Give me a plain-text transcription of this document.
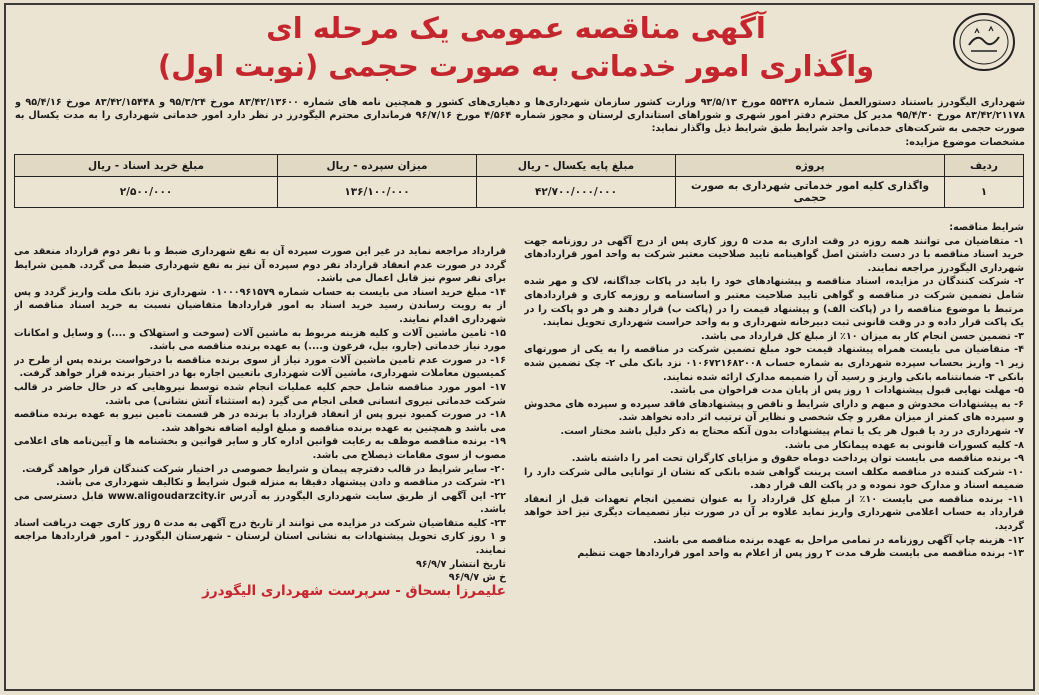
آگهی مناقصه عمومی یک مرحله ای
واگذاری امور خدماتی به صورت حجمی (نوبت اول)

شهرداری الیگودرز باستناد دستورالعمل شماره ۵۵۴۲۸ مورخ ۹۳/۵/۱۳ وزارت کشور سازمان شهرداری‌ها و دهیاری‌های کشور و همچنین نامه های شماره ۸۳/۴۲/۱۳۶۰۰ مورخ ۹۵/۳/۲۴ و ۸۳/۴۲/۱۵۴۴۸ مورخ ۹۵/۴/۱۶ و ۸۳/۴۲/۲۱۱۷۸ مورخ ۹۵/۴/۳۰ مدیر کل محترم دفتر امور شهری و شوراهای استانداری لرستان و مجوز شماره ۴/۵۶۴ مورخ ۹۶/۷/۱۶ فرمانداری محترم الیگودرز در نظر دارد امور خدماتی شهرداری را به مدت یکسال به صورت حجمی به شرکت‌های خدماتی واجد شرایط طبق شرایط ذیل واگذار نماید:

مشخصات موضوع مزایده:

ردیف	پروژه	مبلغ پایه یکسال - ریال	میزان سپرده - ریال	مبلغ خرید اسناد - ریال
۱	واگذاری کلیه امور خدماتی شهرداری به صورت حجمی	۴۲/۷۰۰/۰۰۰/۰۰۰	۱۳۶/۱۰۰/۰۰۰	۲/۵۰۰/۰۰۰

شرایط مناقصه:

۱- متقاضیان می توانند همه روزه در وقت اداری به مدت ۵ روز کاری پس از درج آگهی در روزنامه جهت خرید اسناد مناقصه با در دست داشتن اصل گواهینامه تایید صلاحیت معتبر شرکت به واحد امور قراردادهای شهرداری الیگودرز مراجعه نمایند.

۲- شرکت کنندگان در مزایده، اسناد مناقصه و پیشنهادهای خود را باید در پاکات جداگانه، لاک و مهر شده شامل تضمین شرکت در مناقصه و گواهی تایید صلاحیت معتبر و اساسنامه و روزمه کاری و قراردادهای مرتبط با موضوع مناقصه را در (پاکت الف) و پیشنهاد قیمت را در (پاکت ب) قرار دهند و هر دو پاکت را در یک پاکت قرار داده و در وقت قانونی ثبت دبیرخانه شهرداری و به واحد حراست شهرداری تحویل نمایند.

۳- تضمین حسن انجام کار به میزان ۱۰٪ از مبلغ کل قرارداد می باشد.

۴- متقاضیان می بایست همراه پیشنهاد قیمت خود مبلغ تضمین شرکت در مناقصه را به یکی از صورتهای زیر ۱- واریز بحساب سپرده شهرداری به شماره حساب ۰۱۰۶۷۲۱۶۸۲۰۰۸ نزد بانک ملی ۲- چک تضمین شده بانکی ۳- ضمانتنامه بانکی واریز و رسید آن را ضمیمه مدارک ارائه شده نمایند.

۵- مهلت نهایی قبول پیشنهادات ۱ روز پس از پایان مدت فراخوان می باشد.

۶- به پیشنهادات مخدوش و مبهم و دارای شرایط و ناقص و پیشنهادهای فاقد سپرده و سپرده های مخدوش و سپرده های کمتر از میزان مقرر و چک شخصی و نظایر آن ترتیب اثر داده نخواهد شد.

۷- شهرداری در رد یا قبول هر یک یا تمام پیشنهادات بدون آنکه محتاج به ذکر دلیل باشد مختار است.

۸- کلیه کسورات قانونی به عهده پیمانکار می باشد.

۹- برنده مناقصه می بایست توان پرداخت دوماه حقوق و مزایای کارگران تحت امر را داشته باشد.

۱۰- شرکت کننده در مناقصه مکلف است پرینت گواهی شده بانکی که نشان از توانایی مالی شرکت دارد را ضمیمه اسناد و مدارک خود نموده و در پاکت الف قرار دهد.

۱۱- برنده مناقصه می بایست ۱۰٪ از مبلغ کل قرارداد را به عنوان تضمین انجام تعهدات قبل از انعقاد قرارداد به حساب اعلامی شهرداری واریز نماید علاوه بر آن در صورت نیاز تصمیمات دیگری نیز اخذ خواهد گردید.

۱۲- هزینه چاپ آگهی روزنامه در تمامی مراحل به عهده برنده مناقصه می باشد.

۱۳- برنده مناقصه می بایست ظرف مدت ۲ روز پس از اعلام به واحد امور قراردادها جهت تنظیم

قرارداد مراجعه نماید در غیر این صورت سپرده آن به نفع شهرداری ضبط و با نفر دوم قرارداد منعقد می گردد در صورت عدم انعقاد قرارداد نفر دوم سپرده آن نیز به نفع شهرداری ضبط می گردد. همین شرایط برای نفر سوم نیز قابل اعمال می باشد.

۱۴- مبلغ خرید اسناد می بایست به حساب شماره ۰۱۰۰۰۹۶۱۵۷۹ شهرداری نزد بانک ملت واریز گردد و پس از به رویت رساندن رسید خرید اسناد به امور قراردادها متقاضیان نسبت به خرید اسناد مناقصه از شهرداری اقدام نمایند.

۱۵- تامین ماشین آلات و کلیه هزینه مربوط به ماشین آلات (سوخت و استهلاک و ....) و وسایل و امکانات مورد نیاز خدماتی (جارو، بیل، فرغون و....) به عهده برنده مناقصه می باشد.

۱۶- در صورت عدم تامین ماشین آلات مورد نیاز از سوی برنده مناقصه با درخواست برنده پس از طرح در کمیسیون معاملات شهرداری، ماشین آلات شهرداری باتعیین اجاره بها در اختیار برنده قرار خواهد گرفت.

۱۷- امور مورد مناقصه شامل حجم کلیه عملیات انجام شده توسط نیروهایی که در حال حاضر در قالب شرکت خدماتی نیروی انسانی فعلی انجام می گیرد (به استثناء آتش نشانی) می باشد.

۱۸- در صورت کمبود نیرو پس از انعقاد قرارداد با برنده در هر قسمت تامین نیرو به عهده برنده مناقصه می باشد و همچنین به عهده برنده مناقصه و مبلغ اولیه اضافه نخواهد شد.

۱۹- برنده مناقصه موظف به رعایت قوانین اداره کار و سایر قوانین و بخشنامه ها و آیین‌نامه های اعلامی مصوب از سوی مقامات ذیصلاح می باشد.

۲۰- سایر شرایط در قالب دفترچه پیمان و شرایط خصوصی در اختیار شرکت کنندگان قرار خواهد گرفت.

۲۱- شرکت در مناقصه و دادن پیشنهاد دقیقا به منزله قبول شرایط و تکالیف شهرداری می باشد.

۲۲- این آگهی از طریق سایت شهرداری الیگودرز به آدرس www.aligoudarzcity.ir قابل دسترسی می باشد.

۲۳- کلیه متقاضیان شرکت در مزایده می توانند از تاریخ درج آگهی به مدت ۵ روز کاری جهت دریافت اسناد و ۱ روز کاری تحویل پیشنهادات به نشانی استان لرستان - شهرستان الیگودرز - امور قراردادها مراجعه نمایند.

تاریخ انتشار ۹۶/۹/۷

خ ش ۹۶/۹/۷

علیمرزا بسحاق - سرپرست شهرداری الیگودرز
